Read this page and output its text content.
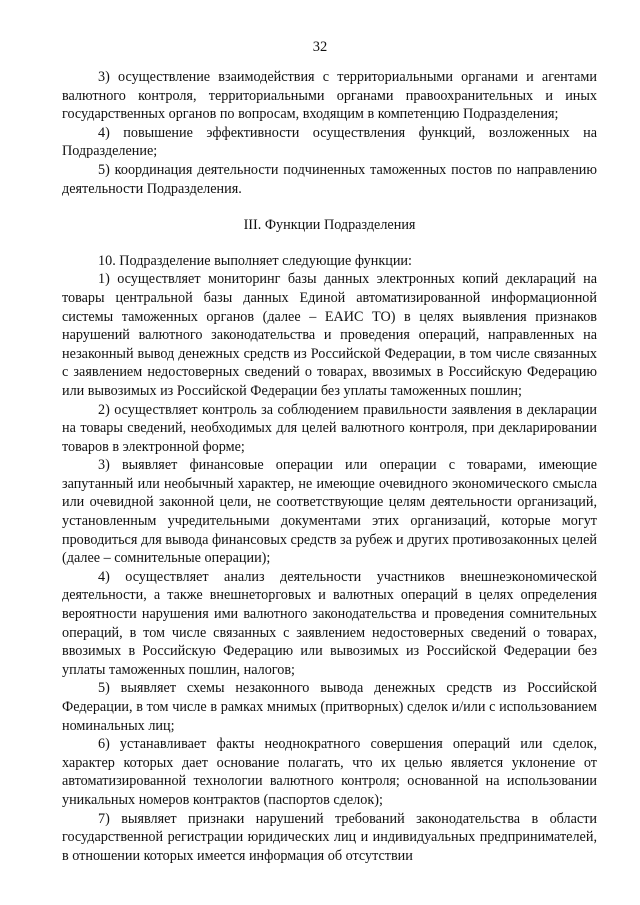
32

3) осуществление взаимодействия с территориальными органами и агентами валютного контроля, территориальными органами правоохранительных и иных государственных органов по вопросам, входящим в компетенцию Подразделения;

4) повышение эффективности осуществления функций, возложенных на Подразделение;

5) координация деятельности подчиненных таможенных постов по направлению деятельности Подразделения.

III. Функции Подразделения

10. Подразделение выполняет следующие функции:

1) осуществляет мониторинг базы данных электронных копий деклараций на товары центральной базы данных Единой автоматизированной информационной системы таможенных органов (далее – ЕАИС ТО) в целях выявления признаков нарушений валютного законодательства и проведения операций, направленных на незаконный вывод денежных средств из Российской Федерации, в том числе связанных с заявлением недостоверных сведений о товарах, ввозимых в Российскую Федерацию или вывозимых из Российской Федерации без уплаты таможенных пошлин;

2) осуществляет контроль за соблюдением правильности заявления в декларации на товары сведений, необходимых для целей валютного контроля, при декларировании товаров в электронной форме;

3) выявляет финансовые операции или операции с товарами, имеющие запутанный или необычный характер, не имеющие очевидного экономического смысла или очевидной законной цели, не соответствующие целям деятельности организаций, установленным учредительными документами этих организаций, которые могут проводиться для вывода финансовых средств за рубеж и других противозаконных целей (далее – сомнительные операции);

4) осуществляет анализ деятельности участников внешнеэкономической деятельности, а также внешнеторговых и валютных операций в целях определения вероятности нарушения ими валютного законодательства и проведения сомнительных операций, в том числе связанных с заявлением недостоверных сведений о товарах, ввозимых в Российскую Федерацию или вывозимых из Российской Федерации без уплаты таможенных пошлин, налогов;

5) выявляет схемы незаконного вывода денежных средств из Российской Федерации, в том числе в рамках мнимых (притворных) сделок и/или с использованием номинальных лиц;

6) устанавливает факты неоднократного совершения операций или сделок, характер которых дает основание полагать, что их целью является уклонение от автоматизированной технологии валютного контроля; основанной на использовании уникальных номеров контрактов (паспортов сделок);

7) выявляет признаки нарушений требований законодательства в области государственной регистрации юридических лиц и индивидуальных предпринимателей, в отношении которых имеется информация об отсутствии
